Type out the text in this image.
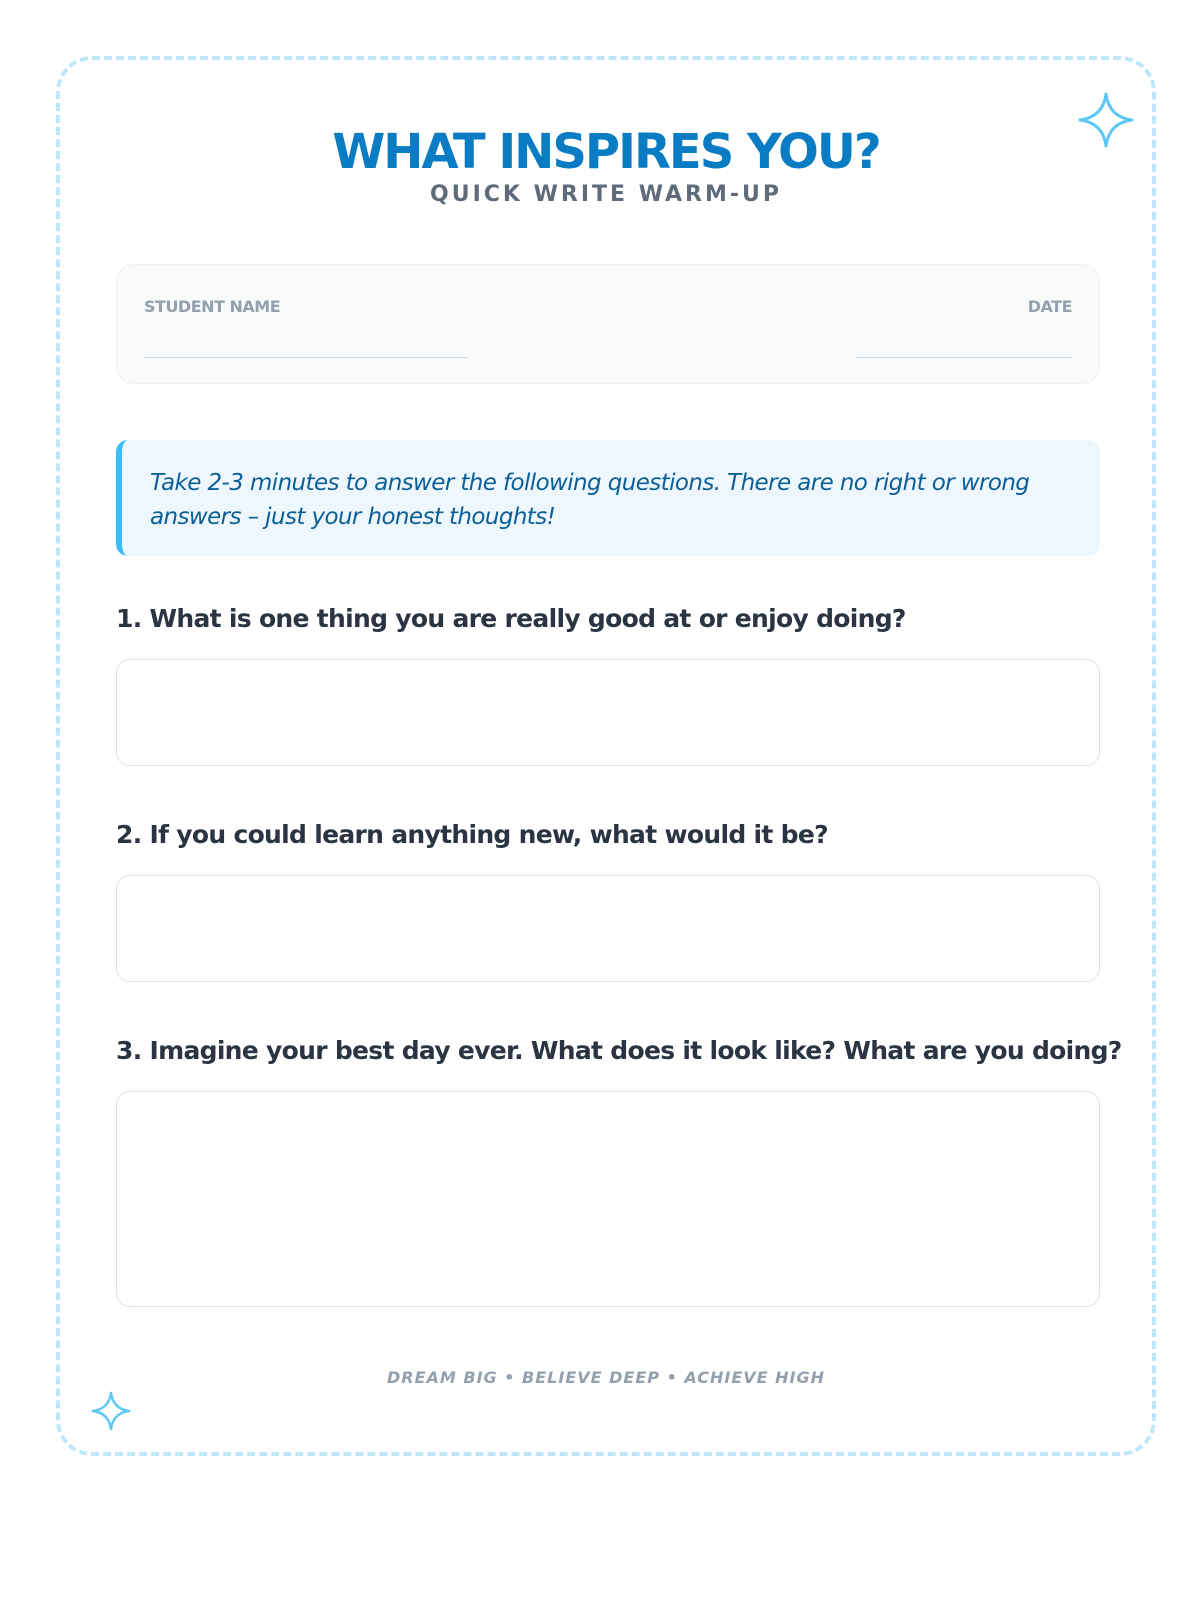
WHAT INSPIRES YOU?
QUICK WRITE WARM-UP
STUDENT NAME	DATE
Take 2-3 minutes to answer the following questions. There are no right or wrong answers – just your honest thoughts!
1. What is one thing you are really good at or enjoy doing?
2. If you could learn anything new, what would it be?
3. Imagine your best day ever. What does it look like? What are you doing?
DREAM BIG • BELIEVE DEEP • ACHIEVE HIGH
